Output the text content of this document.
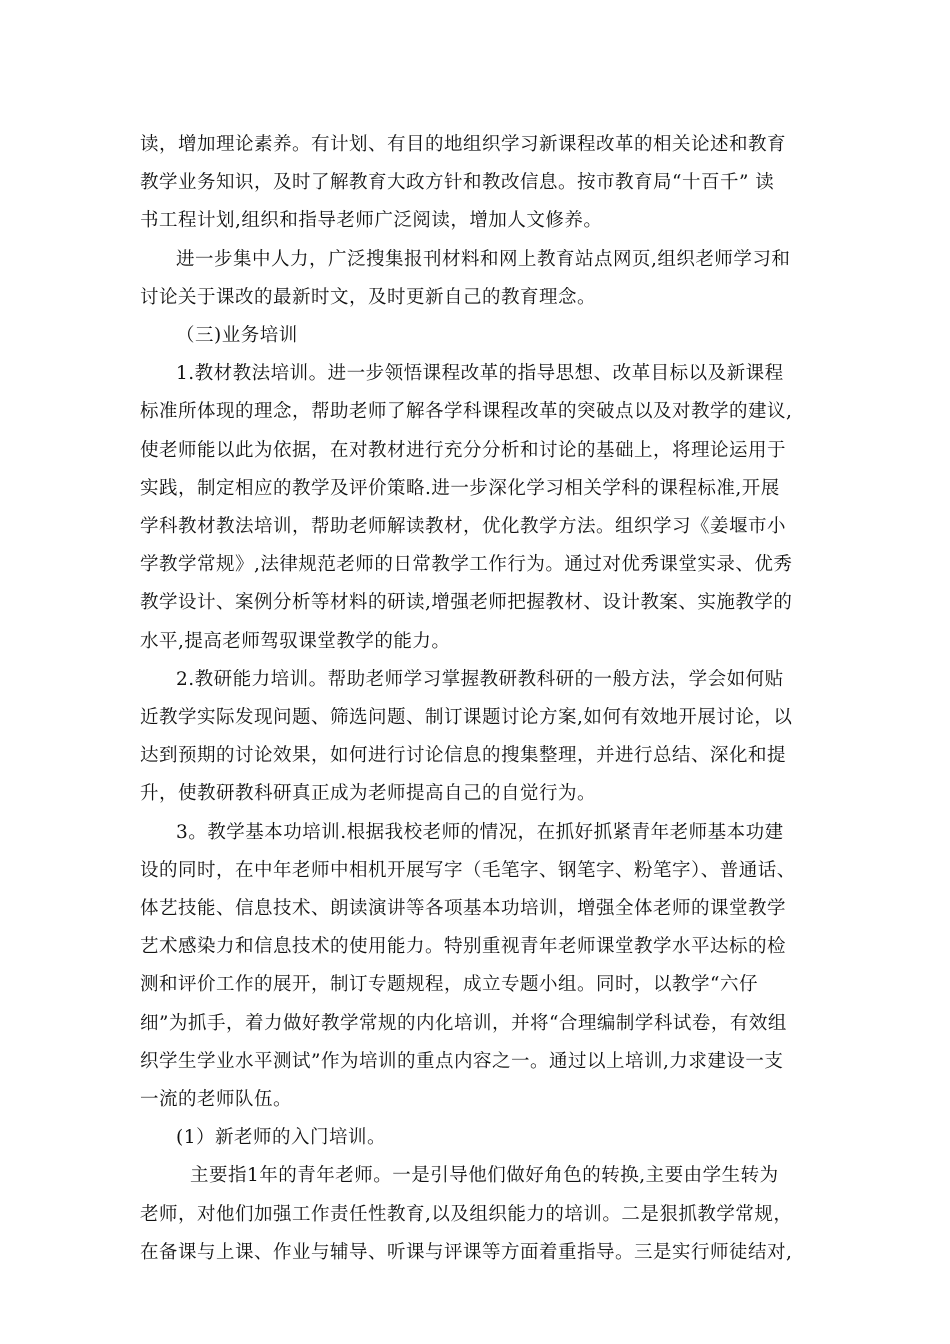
读，增加理论素养。有计划、有目的地组织学习新课程改革的相关论述和教育
教学业务知识，及时了解教育大政方针和教改信息。按市教育局“十百千” 读
书工程计划,组织和指导老师广泛阅读，增加人文修养。

进一步集中人力，广泛搜集报刊材料和网上教育站点网页,组织老师学习和
讨论关于课改的最新时文，及时更新自己的教育理念。

（三)业务培训

1.教材教法培训。进一步领悟课程改革的指导思想、改革目标以及新课程
标准所体现的理念，帮助老师了解各学科课程改革的突破点以及对教学的建议,
使老师能以此为依据，在对教材进行充分分析和讨论的基础上，将理论运用于
实践，制定相应的教学及评价策略.进一步深化学习相关学科的课程标准,开展
学科教材教法培训，帮助老师解读教材，优化教学方法。组织学习《姜堰市小
学教学常规》,法律规范老师的日常教学工作行为。通过对优秀课堂实录、优秀
教学设计、案例分析等材料的研读,增强老师把握教材、设计教案、实施教学的
水平,提高老师驾驭课堂教学的能力。

2.教研能力培训。帮助老师学习掌握教研教科研的一般方法，学会如何贴
近教学实际发现问题、筛选问题、制订课题讨论方案,如何有效地开展讨论，以
达到预期的讨论效果，如何进行讨论信息的搜集整理，并进行总结、深化和提
升，使教研教科研真正成为老师提高自己的自觉行为。

3。教学基本功培训.根据我校老师的情况，在抓好抓紧青年老师基本功建
设的同时，在中年老师中相机开展写字（毛笔字、钢笔字、粉笔字）、普通话、
体艺技能、信息技术、朗读演讲等各项基本功培训，增强全体老师的课堂教学
艺术感染力和信息技术的使用能力。特别重视青年老师课堂教学水平达标的检
测和评价工作的展开，制订专题规程，成立专题小组。同时，以教学“六仔
细”为抓手，着力做好教学常规的内化培训，并将“合理编制学科试卷，有效组
织学生学业水平测试”作为培训的重点内容之一。通过以上培训,力求建设一支
一流的老师队伍。

(1）新老师的入门培训。

主要指1年的青年老师。一是引导他们做好角色的转换,主要由学生转为
老师，对他们加强工作责任性教育,以及组织能力的培训。二是狠抓教学常规，
在备课与上课、作业与辅导、听课与评课等方面着重指导。三是实行师徒结对,
